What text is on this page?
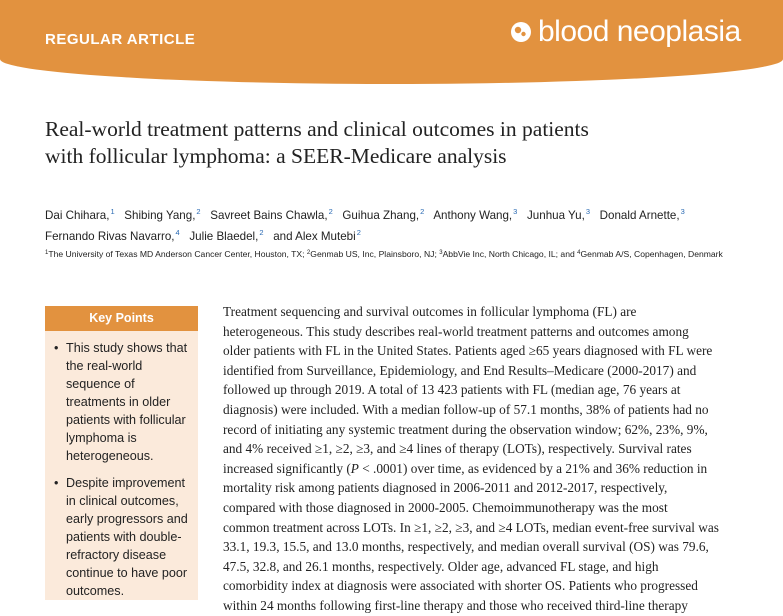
REGULAR ARTICLE	blood neoplasia
Real-world treatment patterns and clinical outcomes in patients
with follicular lymphoma: a SEER-Medicare analysis
Dai Chihara,$^1$ Shibing Yang,$^2$ Savreet Bains Chawla,$^2$ Guihua Zhang,$^2$ Anthony Wang,$^3$ Junhua Yu,$^3$ Donald Arnette,$^3$
Fernando Rivas Navarro,$^4$ Julie Blaedel,$^2$ and Alex Mutebi$^2$
$^1$The University of Texas MD Anderson Cancer Center, Houston, TX; $^2$Genmab US, Inc, Plainsboro, NJ; $^3$AbbVie Inc, North Chicago, IL; and $^4$Genmab A/S, Copenhagen, Denmark
Key Points
• This study shows that the real-world sequence of treatments in older patients with follicular lymphoma is heterogeneous.
• Despite improvement in clinical outcomes, early progressors and patients with double-refractory disease continue to have poor outcomes.
Treatment sequencing and survival outcomes in follicular lymphoma (FL) are
heterogeneous. This study describes real-world treatment patterns and outcomes among
older patients with FL in the United States. Patients aged ≥65 years diagnosed with FL were
identified from Surveillance, Epidemiology, and End Results–Medicare (2000-2017) and
followed up through 2019. A total of 13 423 patients with FL (median age, 76 years at
diagnosis) were included. With a median follow-up of 57.1 months, 38% of patients had no
record of initiating any systemic treatment during the observation window; 62%, 23%, 9%,
and 4% received ≥1, ≥2, ≥3, and ≥4 lines of therapy (LOTs), respectively. Survival rates
increased significantly (P < .0001) over time, as evidenced by a 21% and 36% reduction in
mortality risk among patients diagnosed in 2006-2011 and 2012-2017, respectively,
compared with those diagnosed in 2000-2005. Chemoimmunotherapy was the most
common treatment across LOTs. In ≥1, ≥2, ≥3, and ≥4 LOTs, median event-free survival was
33.1, 19.3, 15.5, and 13.0 months, respectively, and median overall survival (OS) was 79.6,
47.5, 32.8, and 26.1 months, respectively. Older age, advanced FL stage, and high
comorbidity index at diagnosis were associated with shorter OS. Patients who progressed
within 24 months following first-line therapy and those who received third-line therapy
